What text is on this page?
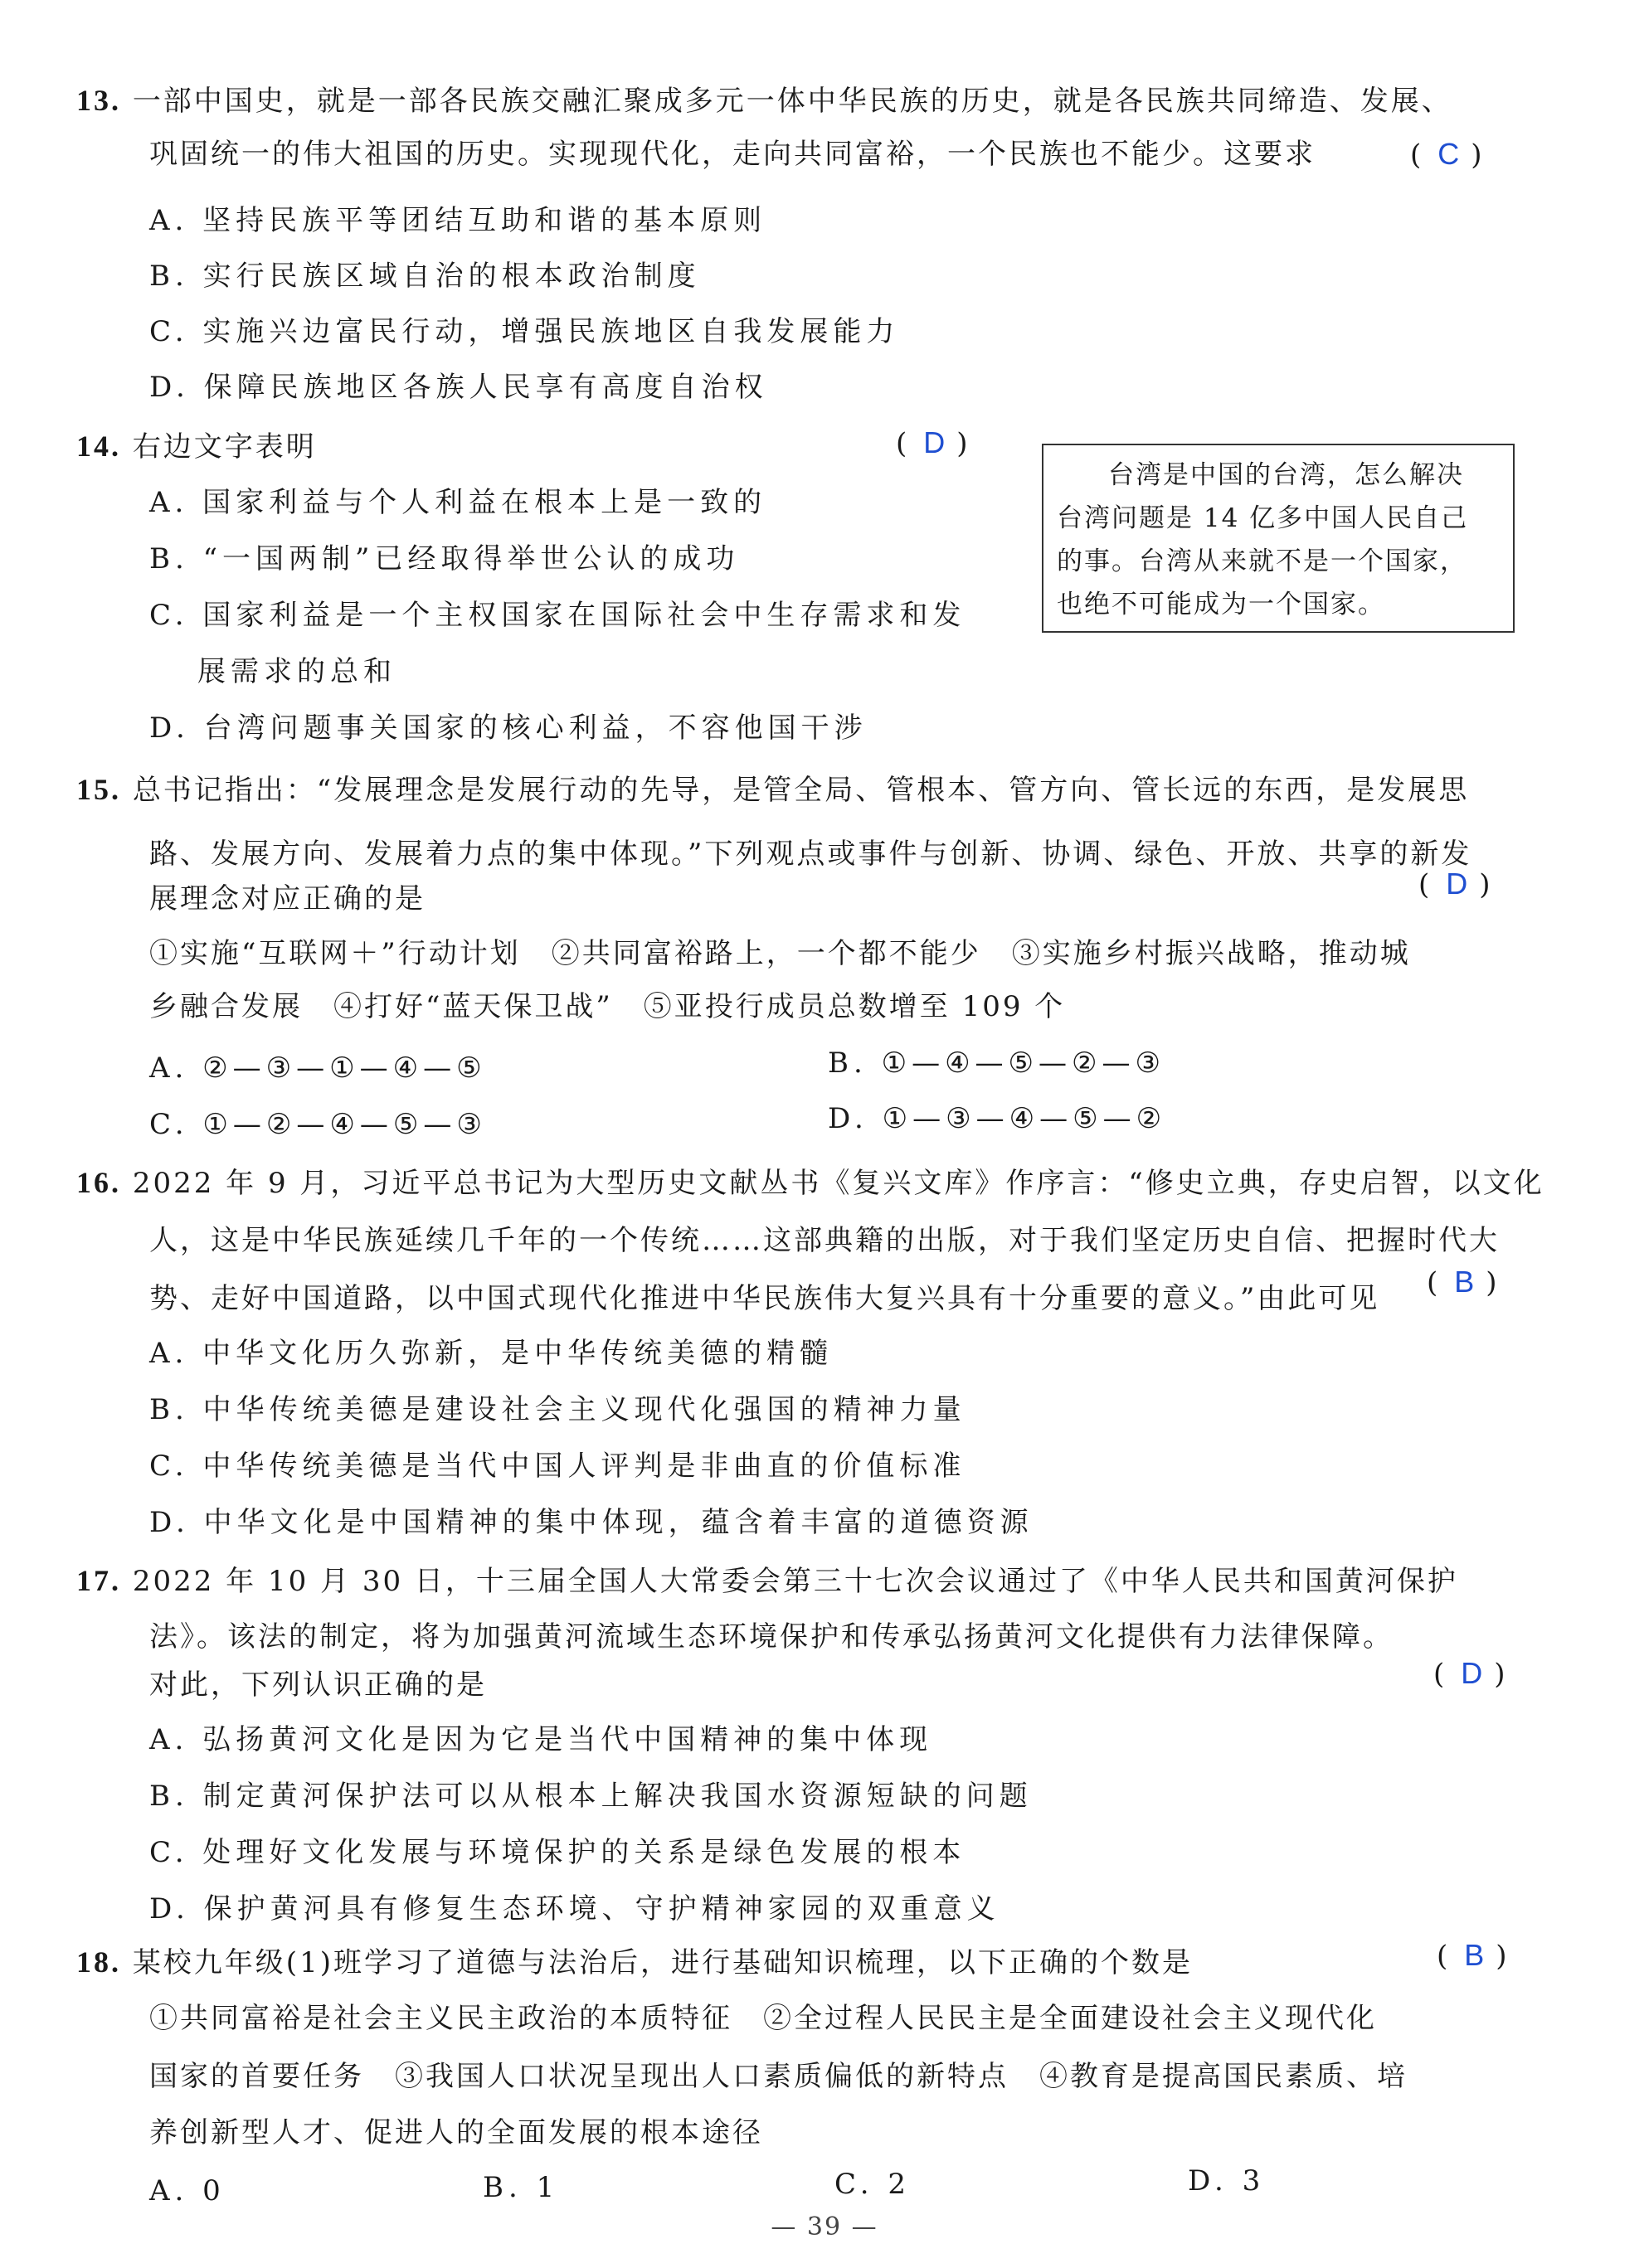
13. 一部中国史，就是一部各民族交融汇聚成多元一体中华民族的历史，就是各民族共同缔造、发展、
巩固统一的伟大祖国的历史。实现现代化，走向共同富裕，一个民族也不能少。这要求	( C )
A. 坚持民族平等团结互助和谐的基本原则
B. 实行民族区域自治的根本政治制度
C. 实施兴边富民行动，增强民族地区自我发展能力
D. 保障民族地区各族人民享有高度自治权
14. 右边文字表明	( D )
A. 国家利益与个人利益在根本上是一致的
B. “一国两制”已经取得举世公认的成功
C. 国家利益是一个主权国家在国际社会中生存需求和发
展需求的总和
D. 台湾问题事关国家的核心利益，不容他国干涉
台湾是中国的台湾，怎么解决
台湾问题是 14 亿多中国人民自己
的事。台湾从来就不是一个国家，
也绝不可能成为一个国家。
15. 总书记指出：“发展理念是发展行动的先导，是管全局、管根本、管方向、管长远的东西，是发展思
路、发展方向、发展着力点的集中体现。”下列观点或事件与创新、协调、绿色、开放、共享的新发
展理念对应正确的是	( D )
①实施“互联网＋”行动计划　②共同富裕路上，一个都不能少　③实施乡村振兴战略，推动城
乡融合发展　④打好“蓝天保卫战”　⑤亚投行成员总数增至 109 个
A. ②—③—①—④—⑤	B. ①—④—⑤—②—③
C. ①—②—④—⑤—③	D. ①—③—④—⑤—②
16. 2022 年 9 月，习近平总书记为大型历史文献丛书《复兴文库》作序言：“修史立典，存史启智，以文化
人，这是中华民族延续几千年的一个传统……这部典籍的出版，对于我们坚定历史自信、把握时代大
势、走好中国道路，以中国式现代化推进中华民族伟大复兴具有十分重要的意义。”由此可见 ( B )
A. 中华文化历久弥新，是中华传统美德的精髓
B. 中华传统美德是建设社会主义现代化强国的精神力量
C. 中华传统美德是当代中国人评判是非曲直的价值标准
D. 中华文化是中国精神的集中体现，蕴含着丰富的道德资源
17. 2022 年 10 月 30 日，十三届全国人大常委会第三十七次会议通过了《中华人民共和国黄河保护
法》。该法的制定，将为加强黄河流域生态环境保护和传承弘扬黄河文化提供有力法律保障。
对此，下列认识正确的是	( D )
A. 弘扬黄河文化是因为它是当代中国精神的集中体现
B. 制定黄河保护法可以从根本上解决我国水资源短缺的问题
C. 处理好文化发展与环境保护的关系是绿色发展的根本
D. 保护黄河具有修复生态环境、守护精神家园的双重意义
18. 某校九年级(1)班学习了道德与法治后，进行基础知识梳理，以下正确的个数是	( B )
①共同富裕是社会主义民主政治的本质特征　②全过程人民民主是全面建设社会主义现代化
国家的首要任务　③我国人口状况呈现出人口素质偏低的新特点　④教育是提高国民素质、培
养创新型人才、促进人的全面发展的根本途径
A. 0	B. 1	C. 2	D. 3
— 39 —
